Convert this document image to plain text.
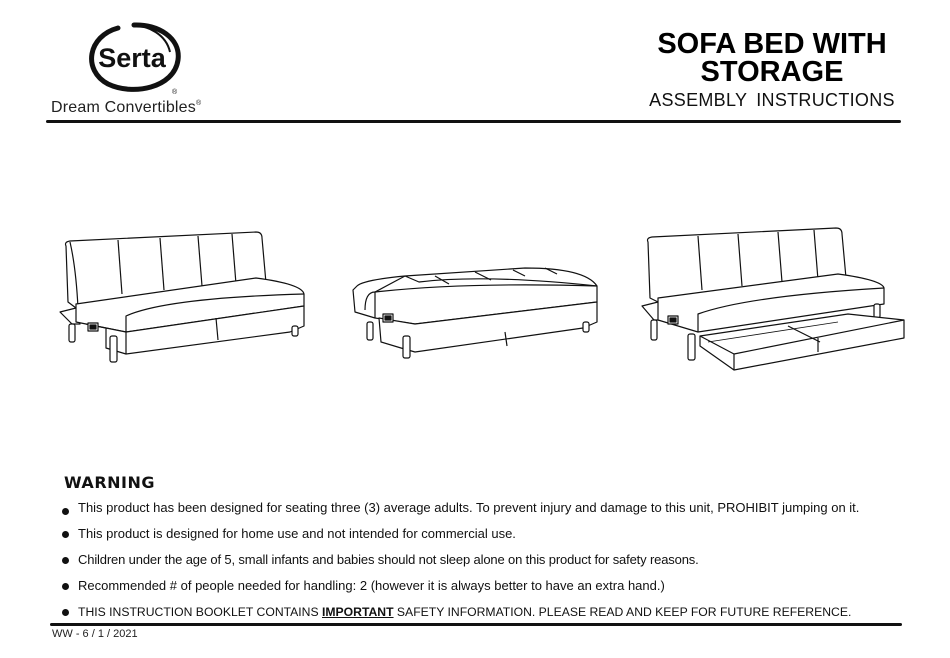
Serta
®
Dream Convertibles®
SOFA BED WITH
STORAGE
ASSEMBLY INSTRUCTIONS
WARNING
This product has been designed for seating three (3) average adults. To prevent injury and damage to this unit, PROHIBIT jumping on it.
This product is designed for home use and not intended for commercial use.
Children under the age of 5, small infants and babies should not sleep alone on this product for safety reasons.
Recommended # of people needed for handling: 2 (however it is always better to have an extra hand.)
THIS INSTRUCTION BOOKLET CONTAINS IMPORTANT SAFETY INFORMATION. PLEASE READ AND KEEP FOR FUTURE REFERENCE.
WW - 6 / 1 / 2021
